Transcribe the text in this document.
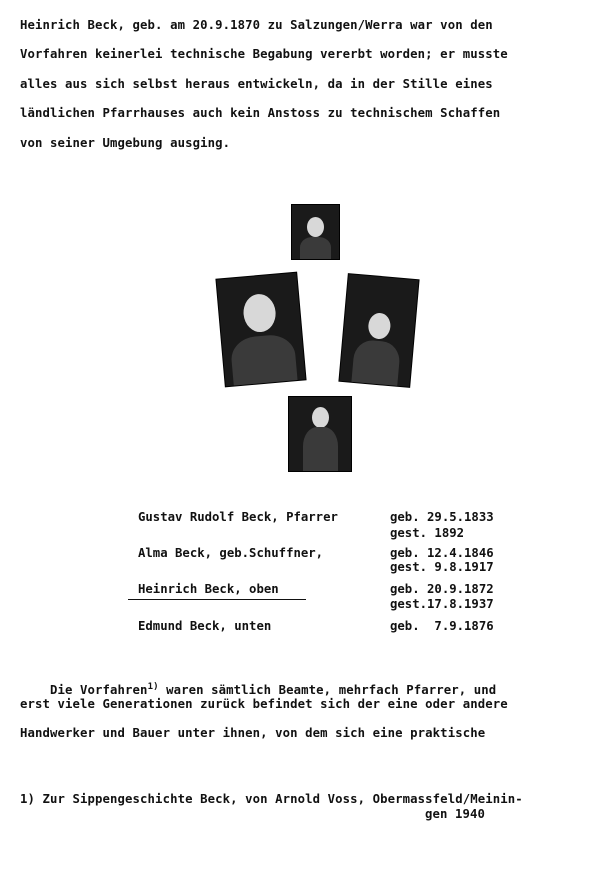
Heinrich Beck, geb. am 20.9.1870 zu Salzungen/Werra war von den
Vorfahren keinerlei technische Begabung vererbt worden; er musste
alles aus sich selbst heraus entwickeln, da in der Stille eines
ländlichen Pfarrhauses auch kein Anstoss zu technischem Schaffen
von seiner Umgebung ausging.
Gustav Rudolf Beck, Pfarrer	geb. 29.5.1833
gest. 1892
Alma Beck, geb.Schuffner,	geb. 12.4.1846
gest. 9.8.1917
Heinrich Beck, oben	geb. 20.9.1872
gest.17.8.1937
Edmund Beck, unten	geb.  7.9.1876

Die Vorfahren$^{1)}$ waren sämtlich Beamte, mehrfach Pfarrer, und

erst viele Generationen zurück befindet sich der eine oder andere
Handwerker und Bauer unter ihnen, von dem sich eine praktische
1) Zur Sippengeschichte Beck, von Arnold Voss, Obermassfeld/Meinin-
gen 1940
